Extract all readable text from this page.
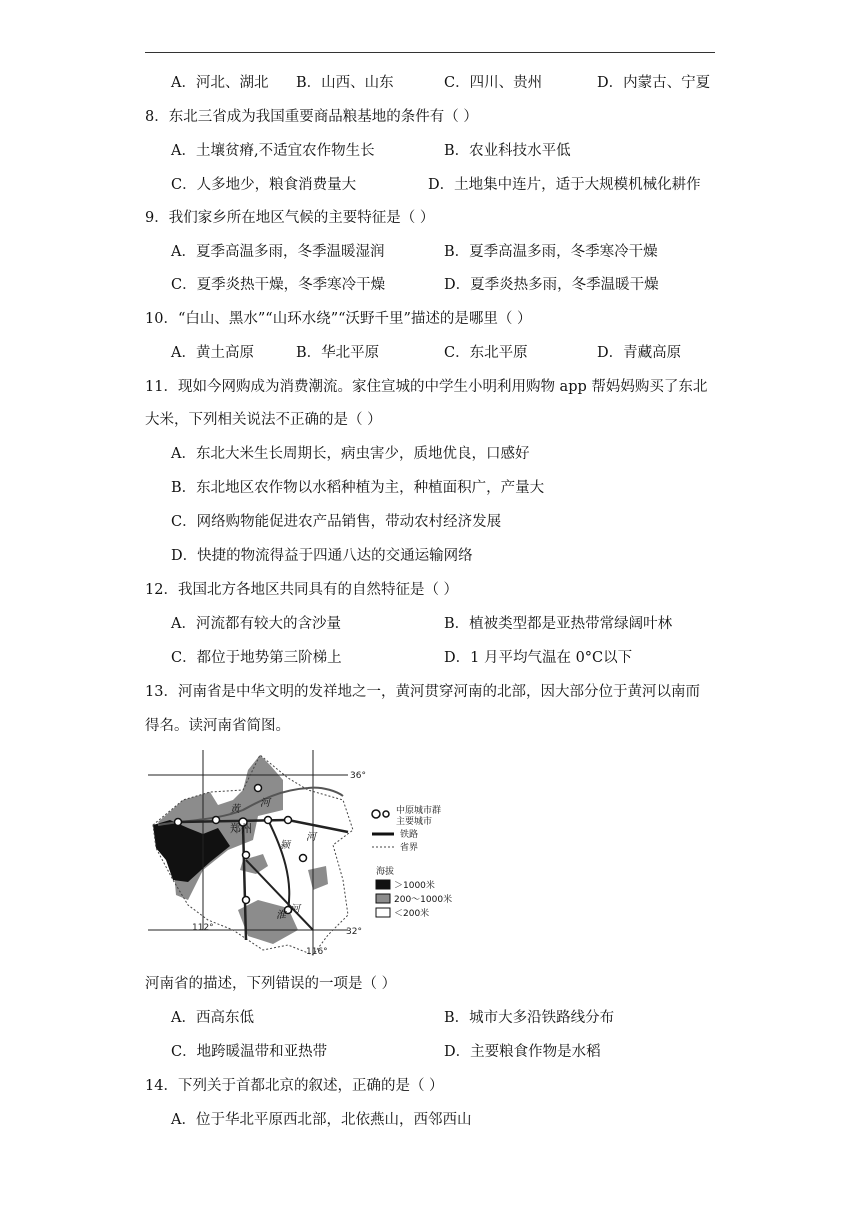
A．河北、湖北 B．山西、山东	C．四川、贵州	D．内蒙古、宁夏
8．东北三省成为我国重要商品粮基地的条件有（ ）
A．土壤贫瘠,不适宜农作物生长	B．农业科技水平低
C．人多地少，粮食消费量大	D．土地集中连片，适于大规模机械化耕作
9．我们家乡所在地区气候的主要特征是（ ）
A．夏季高温多雨，冬季温暖湿润	B．夏季高温多雨，冬季寒冷干燥
C．夏季炎热干燥，冬季寒冷干燥	D．夏季炎热多雨，冬季温暖干燥
10．“白山、黑水”“山环水绕”“沃野千里”描述的是哪里（ ）
A．黄土高原	B．华北平原	C．东北平原	D．青藏高原
11．现如今网购成为消费潮流。家住宣城的中学生小明利用购物 app 帮妈妈购买了东北
大米，下列相关说法不正确的是（ ）
A．东北大米生长周期长，病虫害少，质地优良，口感好
B．东北地区农作物以水稻种植为主，种植面积广，产量大
C．网络购物能促进农产品销售，带动农村经济发展
D．快捷的物流得益于四通八达的交通运输网络
12．我国北方各地区共同具有的自然特征是（ ）
A．河流都有较大的含沙量	B．植被类型都是亚热带常绿阔叶林
C．都位于地势第三阶梯上	D．1 月平均气温在 0°C以下
13．河南省是中华文明的发祥地之一，黄河贯穿河南的北部，因大部分位于黄河以南而
得名。读河南省简图。
36°
32°
112°
116°
郑州
黄
河
颍
河
淮
河
中原城市群
主要城市
铁路
省界
海拔
＞1000米
200～1000米
＜200米
河南省的描述，下列错误的一项是（ ）
A．西高东低	B．城市大多沿铁路线分布
C．地跨暖温带和亚热带	D．主要粮食作物是水稻
14．下列关于首都北京的叙述，正确的是（ ）
A．位于华北平原西北部，北依燕山，西邻西山
